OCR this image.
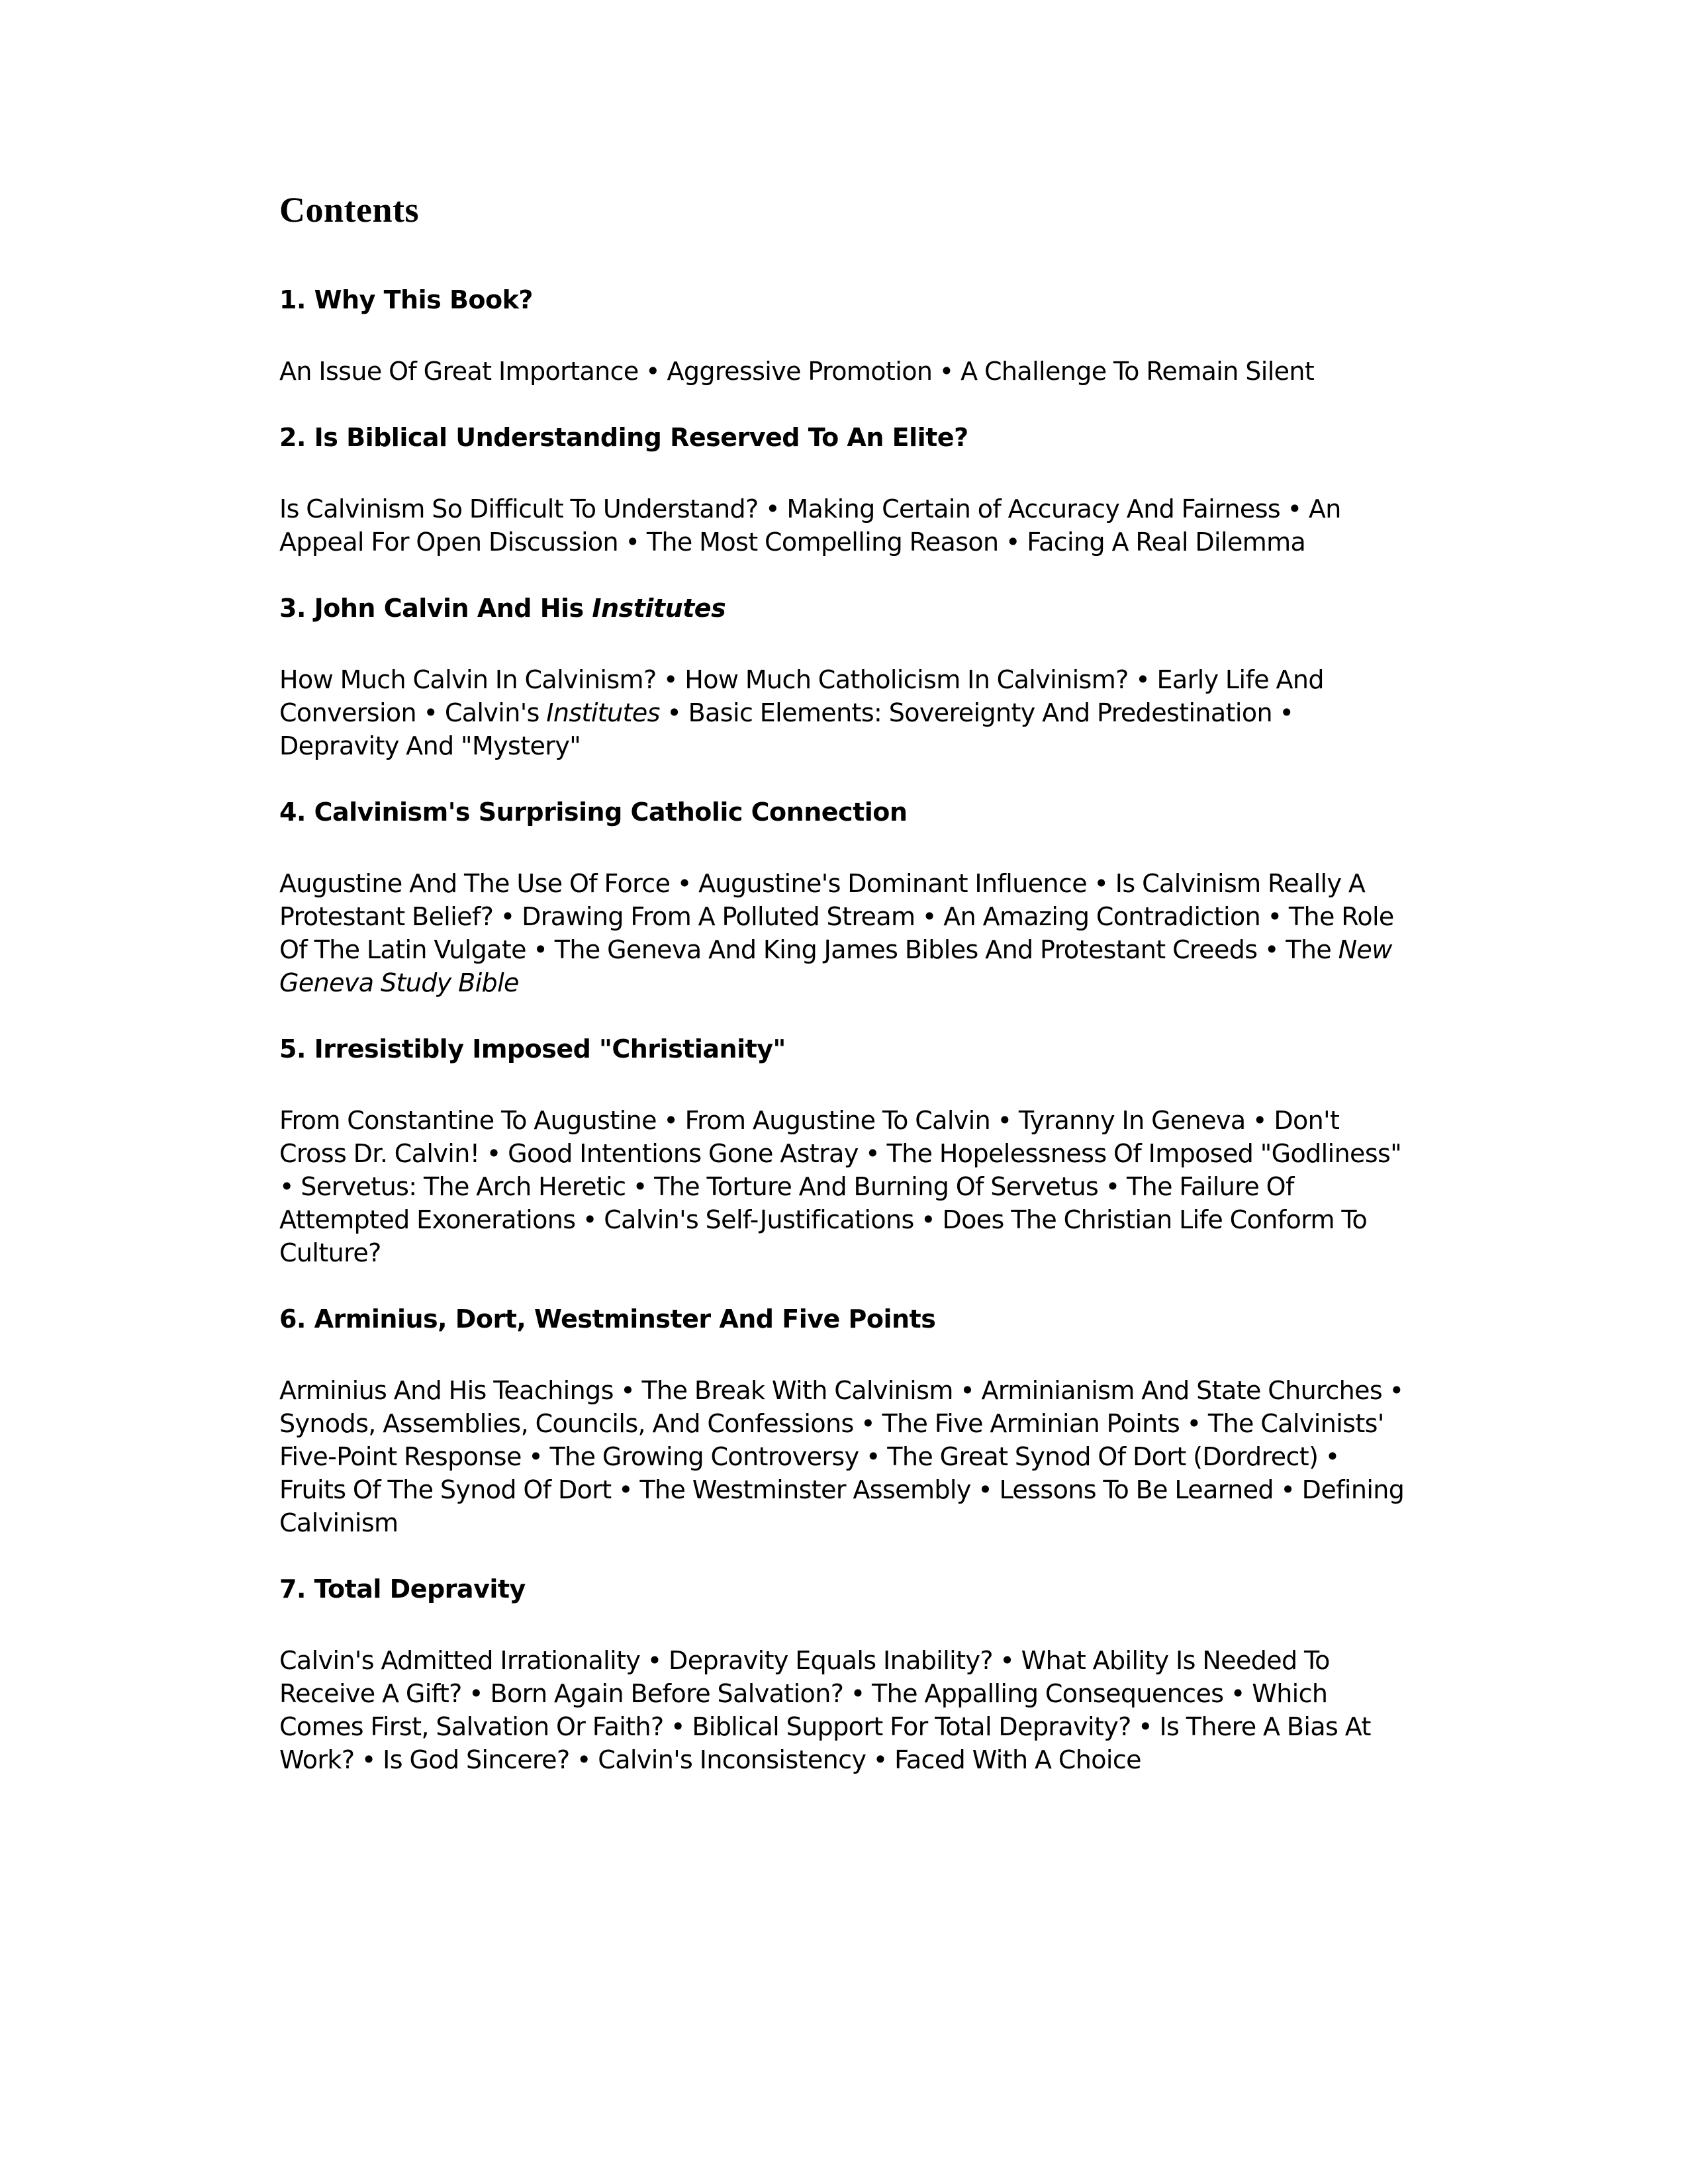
Contents
1. Why This Book?

An Issue Of Great Importance • Aggressive Promotion • A Challenge To Remain Silent

2. Is Biblical Understanding Reserved To An Elite?

Is Calvinism So Difficult To Understand? • Making Certain of Accuracy And Fairness • An Appeal For Open Discussion • The Most Compelling Reason • Facing A Real Dilemma

3. John Calvin And His Institutes

How Much Calvin In Calvinism? • How Much Catholicism In Calvinism? • Early Life And Conversion • Calvin's Institutes • Basic Elements: Sovereignty And Predestination • Depravity And "Mystery"

4. Calvinism's Surprising Catholic Connection

Augustine And The Use Of Force • Augustine's Dominant Influence • Is Calvinism Really A Protestant Belief? • Drawing From A Polluted Stream • An Amazing Contradiction • The Role Of The Latin Vulgate • The Geneva And King James Bibles And Protestant Creeds • The New Geneva Study Bible

5. Irresistibly Imposed "Christianity"

From Constantine To Augustine • From Augustine To Calvin • Tyranny In Geneva • Don't Cross Dr. Calvin! • Good Intentions Gone Astray • The Hopelessness Of Imposed "Godliness" • Servetus: The Arch Heretic • The Torture And Burning Of Servetus • The Failure Of Attempted Exonerations • Calvin's Self-Justifications • Does The Christian Life Conform To Culture?

6. Arminius, Dort, Westminster And Five Points

Arminius And His Teachings • The Break With Calvinism • Arminianism And State Churches • Synods, Assemblies, Councils, And Confessions • The Five Arminian Points • The Calvinists' Five-Point Response • The Growing Controversy • The Great Synod Of Dort (Dordrect) • Fruits Of The Synod Of Dort • The Westminster Assembly • Lessons To Be Learned • Defining Calvinism

7. Total Depravity

Calvin's Admitted Irrationality • Depravity Equals Inability? • What Ability Is Needed To Receive A Gift? • Born Again Before Salvation? • The Appalling Consequences • Which Comes First, Salvation Or Faith? • Biblical Support For Total Depravity? • Is There A Bias At Work? • Is God Sincere? • Calvin's Inconsistency • Faced With A Choice
